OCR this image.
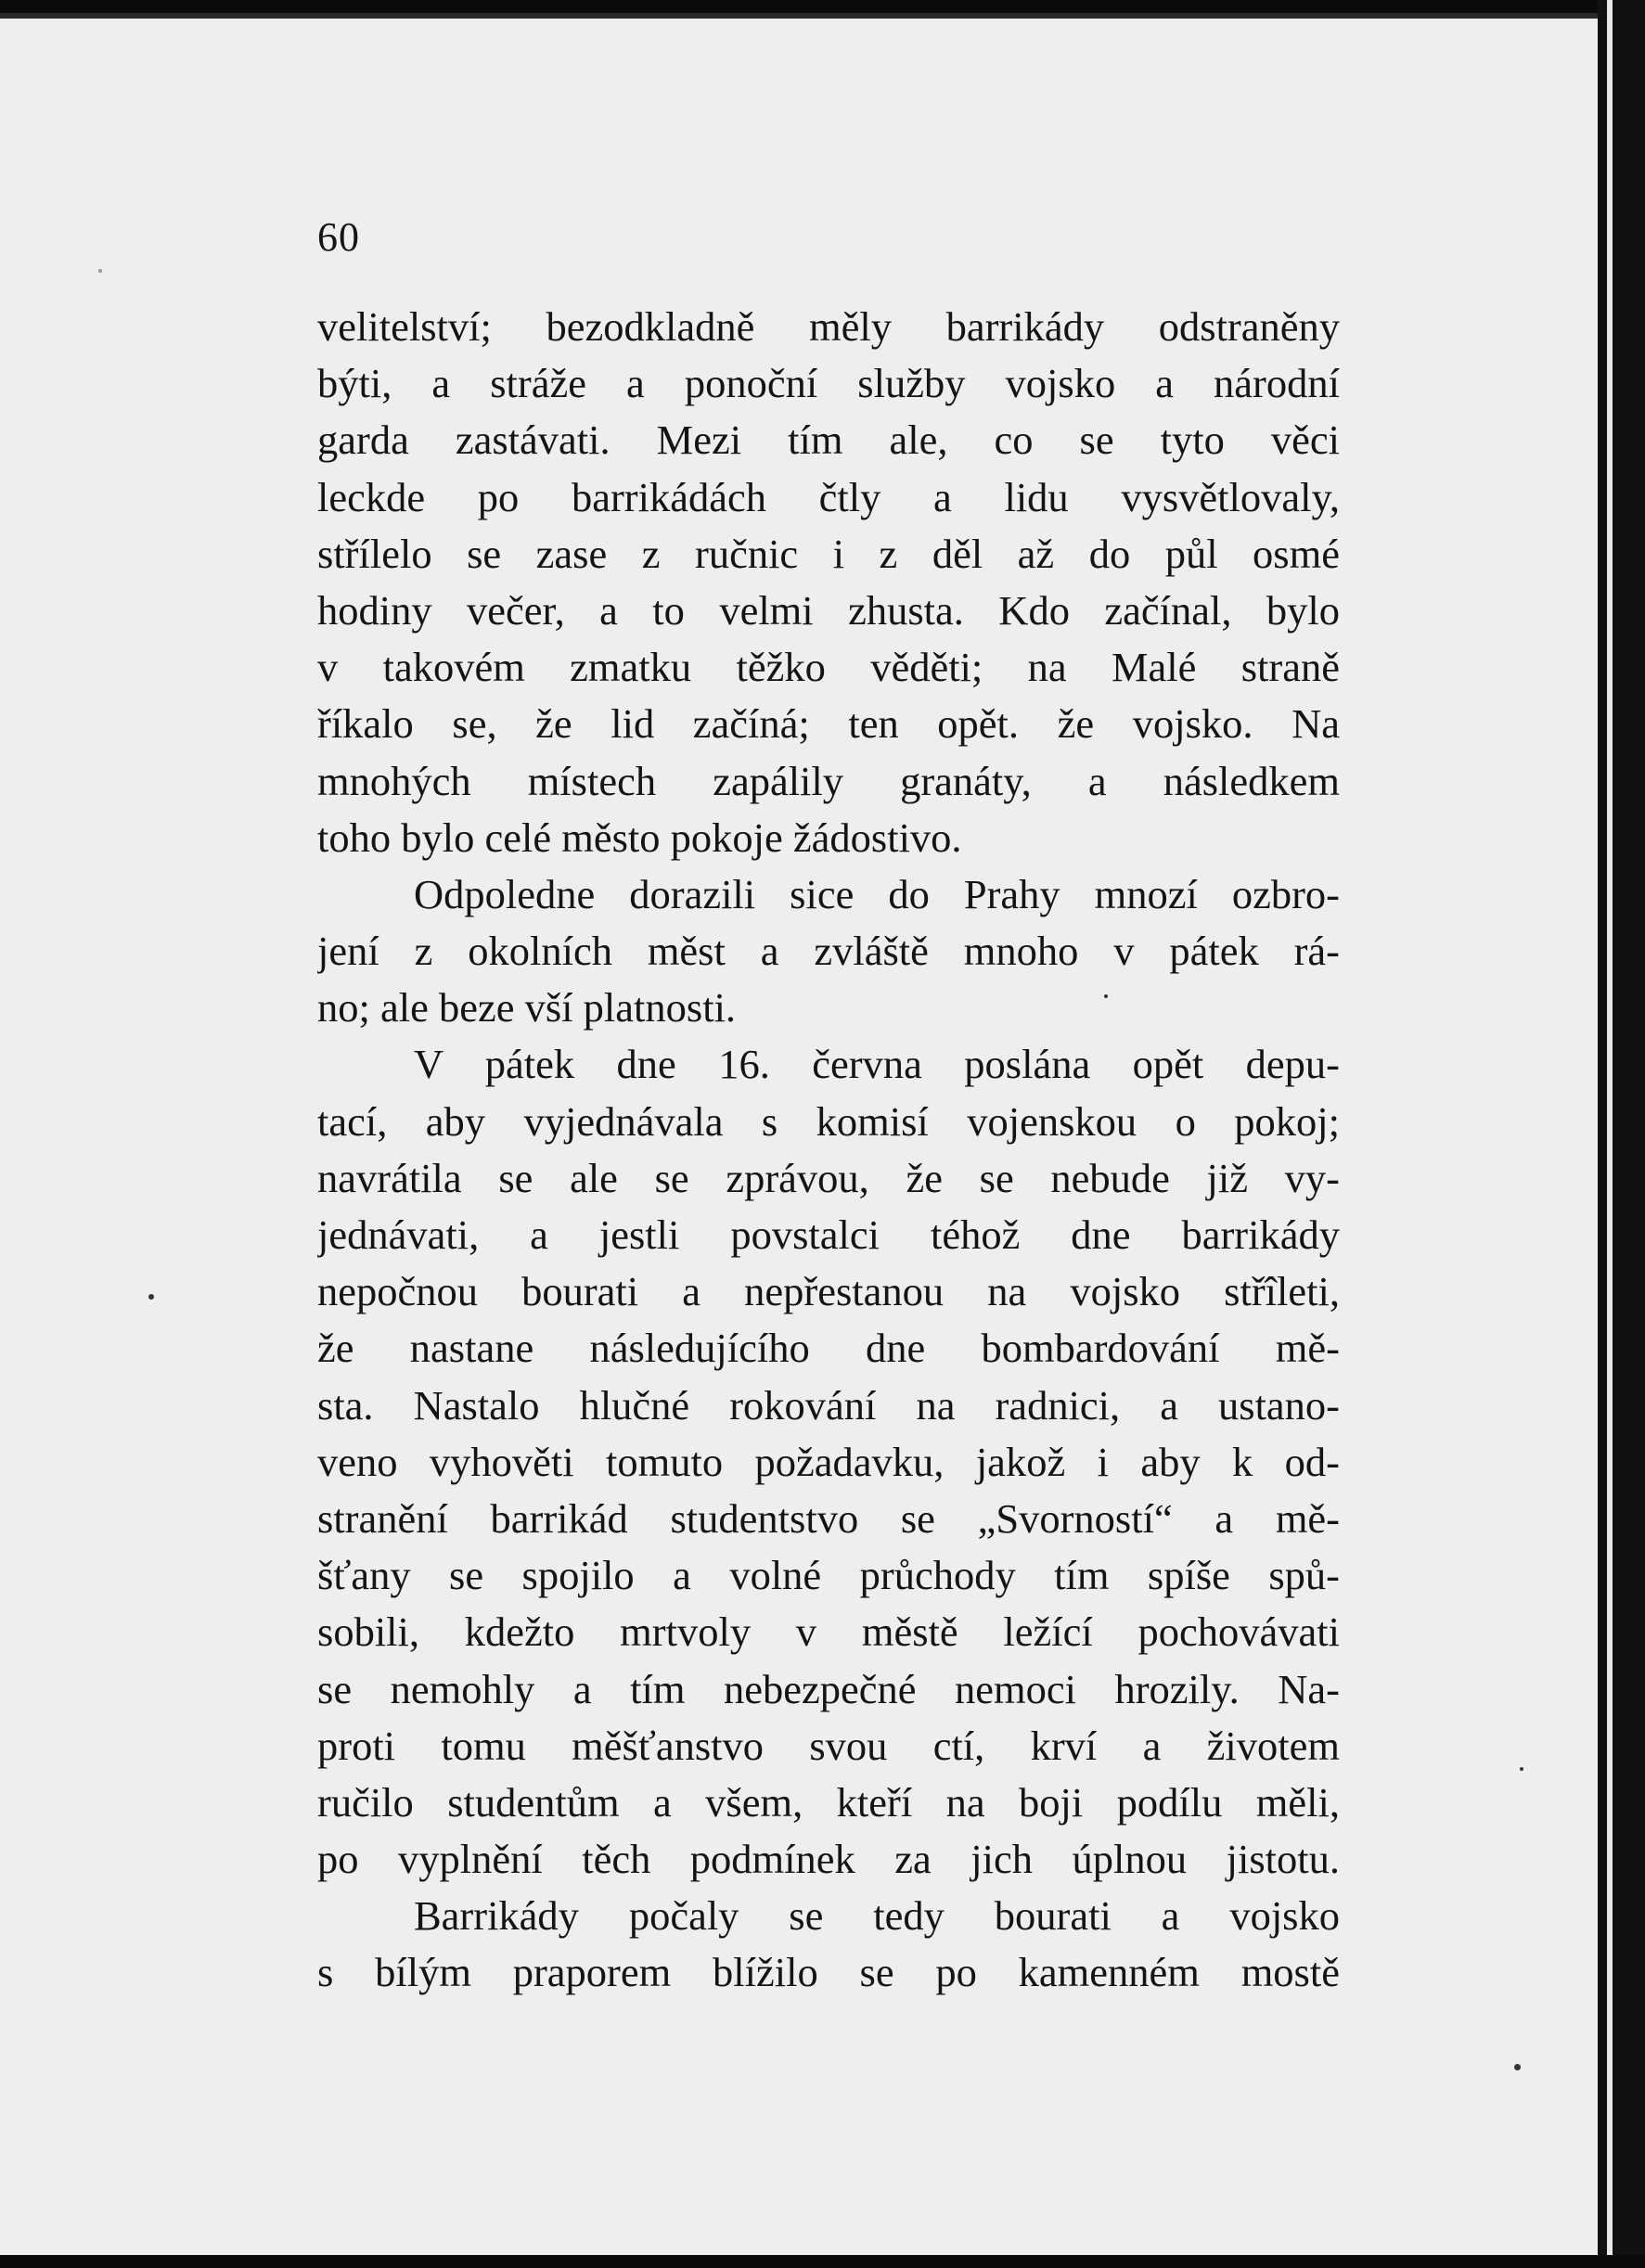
60
velitelství; bezodkladně měly barrikády odstraněny
býti, a stráže a ponoční služby vojsko a národní
garda zastávati. Mezi tím ale, co se tyto věci
leckde po barrikádách čtly a lidu vysvětlovaly,
střílelo se zase z ručnic i z děl až do půl osmé
hodiny večer, a to velmi zhusta. Kdo začínal, bylo
v takovém zmatku těžko věděti; na Malé straně
říkalo se, že lid začíná; ten opět. že vojsko. Na
mnohých místech zapálily granáty, a následkem
toho bylo celé město pokoje žádostivo.
Odpoledne dorazili sice do Prahy mnozí ozbro-
jení z okolních měst a zvláště mnoho v pátek rá-
no; ale beze vší platnosti.
V pátek dne 16. června poslána opět depu-
tací, aby vyjednávala s komisí vojenskou o pokoj;
navrátila se ale se zprávou, že se nebude již vy-
jednávati, a jestli povstalci téhož dne barrikády
nepočnou bourati a nepřestanou na vojsko střîleti,
že nastane následujícího dne bombardování mě-
sta. Nastalo hlučné rokování na radnici, a ustano-
veno vyhověti tomuto požadavku, jakož i aby k od-
stranění barrikád studentstvo se „Svorností“ a mě-
šťany se spojilo a volné průchody tím spíše spů-
sobili, kdežto mrtvoly v městě ležící pochovávati
se nemohly a tím nebezpečné nemoci hrozily. Na-
proti tomu měšťanstvo svou ctí, krví a životem
ručilo studentům a všem, kteří na boji podílu měli,
po vyplnění těch podmínek za jich úplnou jistotu.
Barrikády počaly se tedy bourati a vojsko
s bílým praporem blížilo se po kamenném mostě
